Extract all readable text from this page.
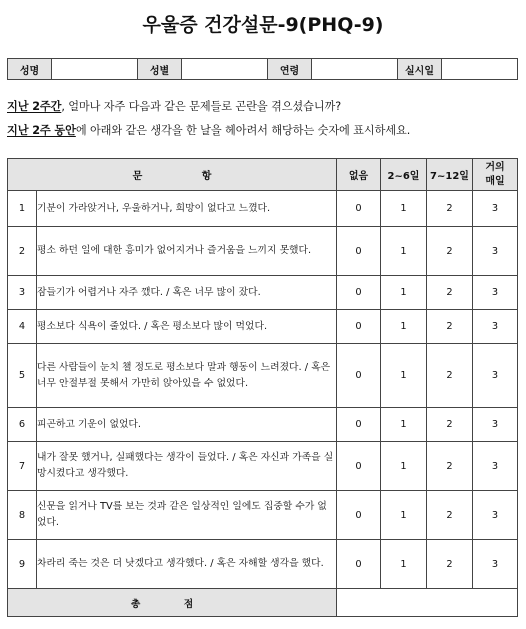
우울증 건강설문-9(PHQ-9)
성명		성별		연령		실시일	
지난 2주간, 얼마나 자주 다음과 같은 문제들로 곤란을 겪으셨습니까?
지난 2주 동안에 아래와 같은 생각을 한 날을 헤아려서 해당하는 숫자에 표시하세요.
문 항		없음	2~6일	7~12일	거의 매일
1	기분이 가라앉거나, 우울하거나, 희망이 없다고 느꼈다.	0	1	2	3
2	평소 하던 일에 대한 흥미가 없어지거나 즐거움을 느끼지 못했다.	0	1	2	3
3	잠들기가 어렵거나 자주 깼다. / 혹은 너무 많이 잤다.	0	1	2	3
4	평소보다 식욕이 줄었다. / 혹은 평소보다 많이 먹었다.	0	1	2	3
5	다른 사람들이 눈치 챌 정도로 평소보다 말과 행동이 느려졌다. / 혹은 너무 안절부절 못해서 가만히 앉아있을 수 없었다.	0	1	2	3
6	피곤하고 기운이 없었다.	0	1	2	3
7	내가 잘못 했거나, 실패했다는 생각이 들었다. / 혹은 자신과 가족을 실망시켰다고 생각했다.	0	1	2	3
8	신문을 읽거나 TV를 보는 것과 같은 일상적인 일에도 집중할 수가 없었다.	0	1	2	3
9	차라리 죽는 것은 더 낫겠다고 생각했다. / 혹은 자해할 생각을 했다.	0	1	2	3
총 점					
